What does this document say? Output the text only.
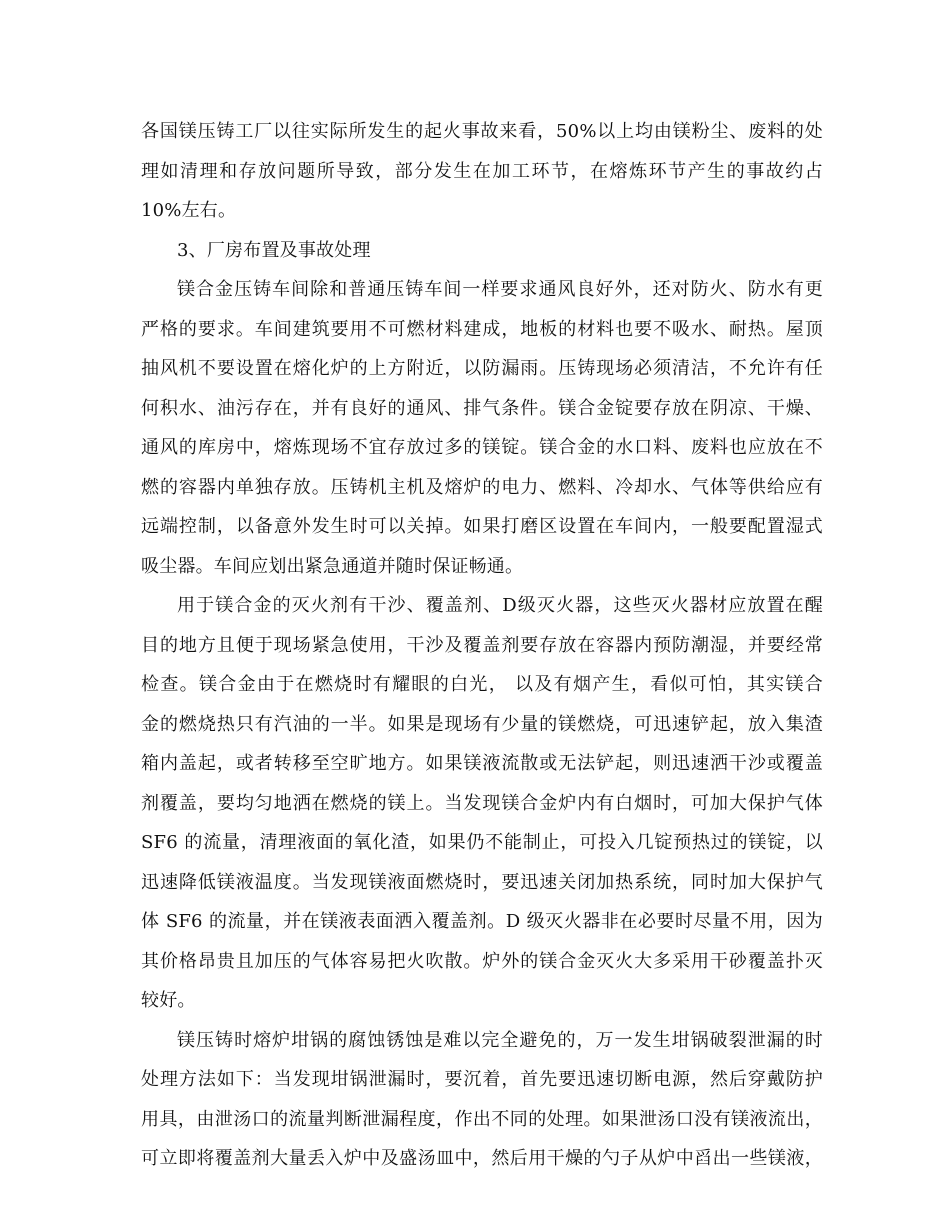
各国镁压铸工厂以往实际所发生的起火事故来看，50%以上均由镁粉尘、废料的处
理如清理和存放问题所导致，部分发生在加工环节，在熔炼环节产生的事故约占
10%左右。

3、厂房布置及事故处理

镁合金压铸车间除和普通压铸车间一样要求通风良好外，还对防火、防水有更
严格的要求。车间建筑要用不可燃材料建成，地板的材料也要不吸水、耐热。屋顶
抽风机不要设置在熔化炉的上方附近，以防漏雨。压铸现场必须清洁，不允许有任
何积水、油污存在，并有良好的通风、排气条件。镁合金锭要存放在阴凉、干燥、
通风的库房中，熔炼现场不宜存放过多的镁锭。镁合金的水口料、废料也应放在不
燃的容器内单独存放。压铸机主机及熔炉的电力、燃料、冷却水、气体等供给应有
远端控制，以备意外发生时可以关掉。如果打磨区设置在车间内，一般要配置湿式
吸尘器。车间应划出紧急通道并随时保证畅通。

用于镁合金的灭火剂有干沙、覆盖剂、D级灭火器，这些灭火器材应放置在醒
目的地方且便于现场紧急使用，干沙及覆盖剂要存放在容器内预防潮湿，并要经常
检查。镁合金由于在燃烧时有耀眼的白光， 以及有烟产生，看似可怕，其实镁合
金的燃烧热只有汽油的一半。如果是现场有少量的镁燃烧，可迅速铲起，放入集渣
箱内盖起，或者转移至空旷地方。如果镁液流散或无法铲起，则迅速洒干沙或覆盖
剂覆盖，要均匀地洒在燃烧的镁上。当发现镁合金炉内有白烟时，可加大保护气体
SF6 的流量，清理液面的氧化渣，如果仍不能制止，可投入几锭预热过的镁锭，以
迅速降低镁液温度。当发现镁液面燃烧时，要迅速关闭加热系统，同时加大保护气
体 SF6 的流量，并在镁液表面洒入覆盖剂。D 级灭火器非在必要时尽量不用，因为
其价格昂贵且加压的气体容易把火吹散。炉外的镁合金灭火大多采用干砂覆盖扑灭
较好。

镁压铸时熔炉坩锅的腐蚀锈蚀是难以完全避免的，万一发生坩锅破裂泄漏的时
处理方法如下：当发现坩锅泄漏时，要沉着，首先要迅速切断电源，然后穿戴防护
用具，由泄汤口的流量判断泄漏程度，作出不同的处理。如果泄汤口没有镁液流出，
可立即将覆盖剂大量丢入炉中及盛汤皿中，然后用干燥的勺子从炉中舀出一些镁液，
